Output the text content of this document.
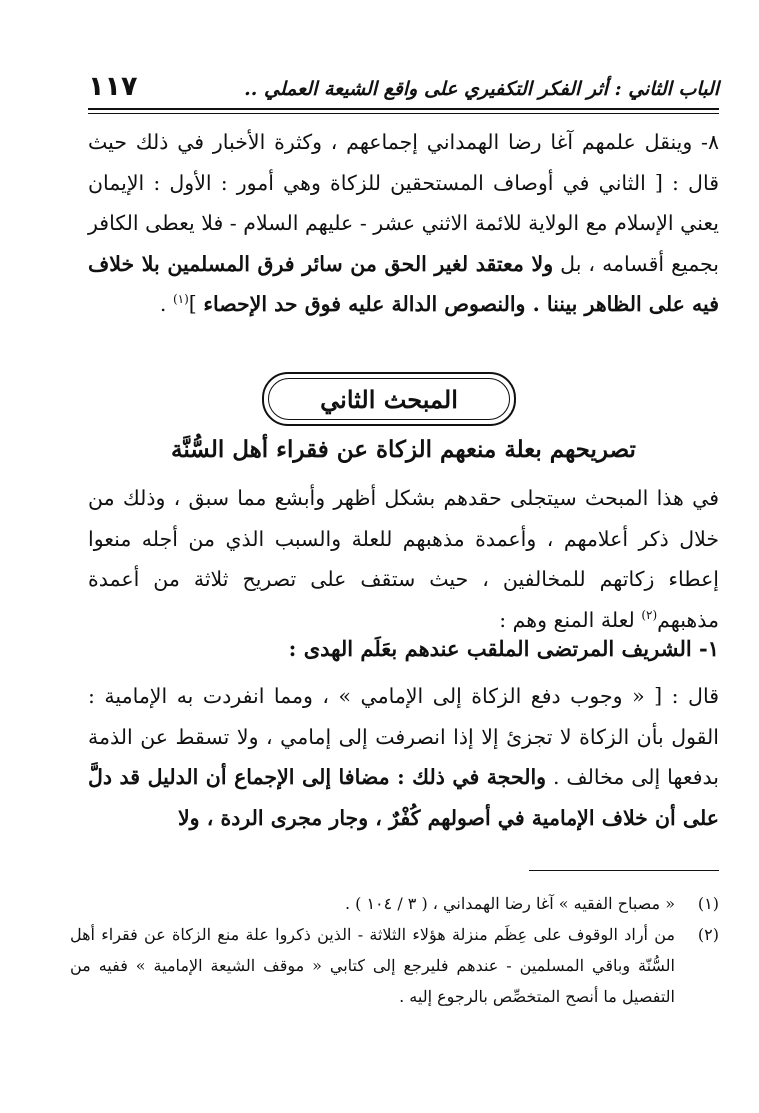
الباب الثاني : أثر الفكر التكفيري على واقع الشيعة العملي ..
١١٧

٨- وينقل علمهم آغا رضا الهمداني إجماعهم ، وكثرة الأخبار في ذلك حيث قال : [ الثاني في أوصاف المستحقين للزكاة وهي أمور : الأول : الإيمان يعني الإسلام مع الولاية للائمة الاثني عشر - عليهم السلام - فلا يعطى الكافر بجميع أقسامه ، بل ولا معتقد لغير الحق من سائر فرق المسلمين بلا خلاف فيه على الظاهر بيننا . والنصوص الدالة عليه فوق حد الإحصاء ]$^{(١)}$ .

المبحث الثاني
تصريحهم بعلة منعهم الزكاة عن فقراء أهل السُّنَّة

في هذا المبحث سيتجلى حقدهم بشكل أظهر وأبشع مما سبق ، وذلك من خلال ذكر أعلامهم ، وأعمدة مذهبهم للعلة والسبب الذي من أجله منعوا إعطاء زكاتهم للمخالفين ، حيث ستقف على تصريح ثلاثة من أعمدة مذهبهم$^{(٢)}$ لعلة المنع وهم :

١- الشريف المرتضى الملقب عندهم بعَلَم الهدى :

قال : [ « وجوب دفع الزكاة إلى الإمامي » ، ومما انفردت به الإمامية : القول بأن الزكاة لا تجزئ إلا إذا انصرفت إلى إمامي ، ولا تسقط عن الذمة بدفعها إلى مخالف . والحجة في ذلك : مضافا إلى الإجماع أن الدليل قد دلَّ على أن خلاف الإمامية في أصولهم كُفْرٌ ، وجار مجرى الردة ، ولا

(١)
« مصباح الفقيه » آغا رضا الهمداني ، ( ٣ / ١٠٤ ) .
(٢)
من أراد الوقوف على عِظَم منزلة هؤلاء الثلاثة - الذين ذكروا علة منع الزكاة عن فقراء أهل السُّنّة وباقي المسلمين - عندهم فليرجع إلى كتابي « موقف الشيعة الإمامية » ففيه من التفصيل ما أنصح المتخصِّص بالرجوع إليه .
